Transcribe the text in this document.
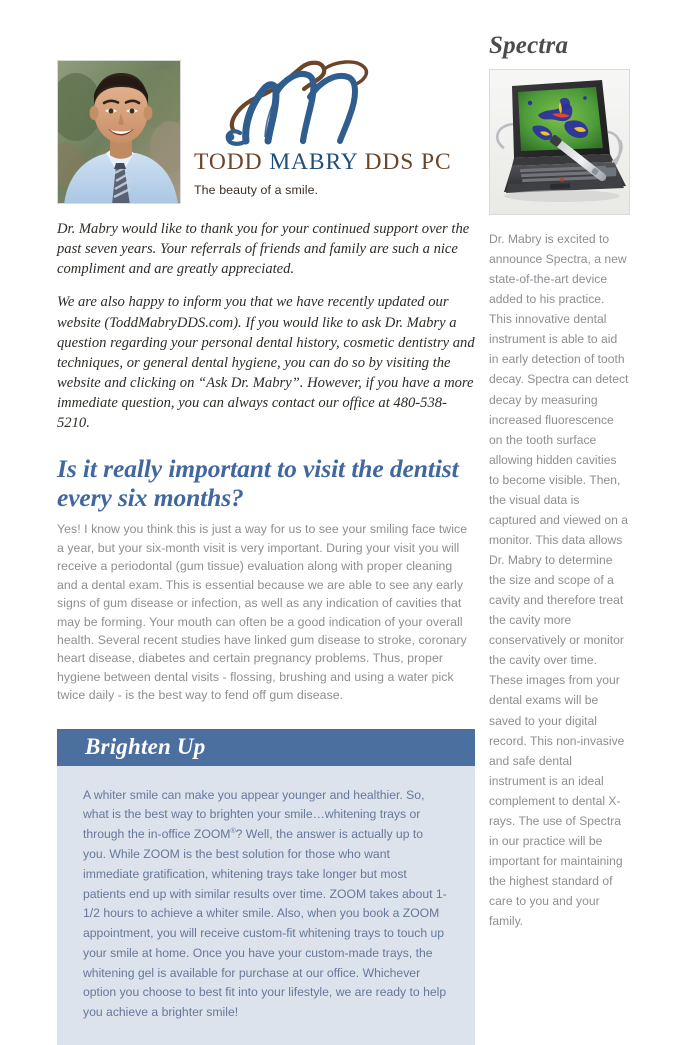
TODD MABRY DDS PC
The beauty of a smile.

Dr. Mabry would like to thank you for your continued support over the past seven years. Your referrals of friends and family are such a nice compliment and are greatly appreciated.

We are also happy to inform you that we have recently updated our website (ToddMabryDDS.com). If you would like to ask Dr. Mabry a question regarding your personal dental history, cosmetic dentistry and techniques, or general dental hygiene, you can do so by visiting the website and clicking on “Ask Dr. Mabry”. However, if you have a more immediate question, you can always contact our office at 480-538-5210.

Is it really important to visit the dentist every six months?

Yes! I know you think this is just a way for us to see your smiling face twice a year, but your six-month visit is very important. During your visit you will receive a periodontal (gum tissue) evaluation along with proper cleaning and a dental exam. This is essential because we are able to see any early signs of gum disease or infection, as well as any indication of cavities that may be forming. Your mouth can often be a good indication of your overall health. Several recent studies have linked gum disease to stroke, coronary heart disease, diabetes and certain pregnancy problems. Thus, proper hygiene between dental visits - flossing, brushing and using a water pick twice daily - is the best way to fend off gum disease.

Brighten Up

A whiter smile can make you appear younger and healthier. So, what is the best way to brighten your smile…whitening trays or through the in-office ZOOM®? Well, the answer is actually up to you. While ZOOM is the best solution for those who want immediate gratification, whitening trays take longer but most patients end up with similar results over time. ZOOM takes about 1-1/2 hours to achieve a whiter smile. Also, when you book a ZOOM appointment, you will receive custom-fit whitening trays to touch up your smile at home. Once you have your custom-made trays, the whitening gel is available for purchase at our office. Whichever option you choose to best fit into your lifestyle, we are ready to help you achieve a brighter smile!

Spectra

Dr. Mabry is excited to announce Spectra, a new state-of-the-art device added to his practice. This innovative dental instrument is able to aid in early detection of tooth decay. Spectra can detect decay by measuring increased fluorescence on the tooth surface allowing hidden cavities to become visible. Then, the visual data is captured and viewed on a monitor. This data allows Dr. Mabry to determine the size and scope of a cavity and therefore treat the cavity more conservatively or monitor the cavity over time. These images from your dental exams will be saved to your digital record. This non-invasive and safe dental instrument is an ideal complement to dental X-rays. The use of Spectra in our practice will be important for maintaining the highest standard of care to you and your family.
